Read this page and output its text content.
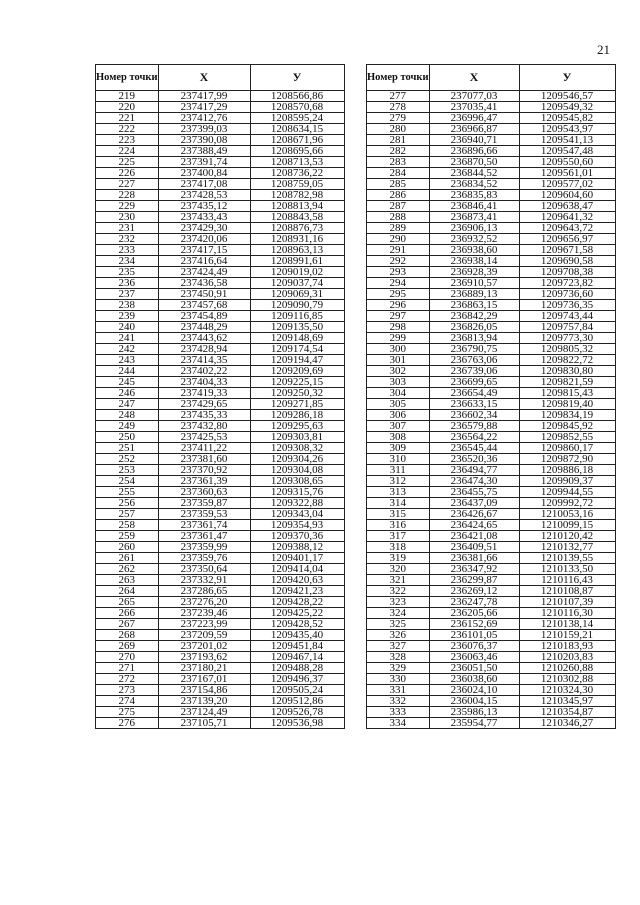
21
Номер точки	Х	У
219	237417,99	1208566,86
220	237417,29	1208570,68
221	237412,76	1208595,24
222	237399,03	1208634,15
223	237390,08	1208671,96
224	237388,49	1208695,66
225	237391,74	1208713,53
226	237400,84	1208736,22
227	237417,08	1208759,05
228	237428,53	1208782,98
229	237435,12	1208813,94
230	237433,43	1208843,58
231	237429,30	1208876,73
232	237420,06	1208931,16
233	237417,15	1208963,13
234	237416,64	1208991,61
235	237424,49	1209019,02
236	237436,58	1209037,74
237	237450,91	1209069,31
238	237457,68	1209090,79
239	237454,89	1209116,85
240	237448,29	1209135,50
241	237443,62	1209148,69
242	237428,94	1209174,54
243	237414,35	1209194,47
244	237402,22	1209209,69
245	237404,33	1209225,15
246	237419,33	1209250,32
247	237429,65	1209271,85
248	237435,33	1209286,18
249	237432,80	1209295,63
250	237425,53	1209303,81
251	237411,22	1209308,32
252	237381,60	1209304,26
253	237370,92	1209304,08
254	237361,39	1209308,65
255	237360,63	1209315,76
256	237359,87	1209322,88
257	237359,53	1209343,04
258	237361,74	1209354,93
259	237361,47	1209370,36
260	237359,99	1209388,12
261	237359,76	1209401,17
262	237350,64	1209414,04
263	237332,91	1209420,63
264	237286,65	1209421,23
265	237276,20	1209428,22
266	237239,46	1209425,22
267	237223,99	1209428,52
268	237209,59	1209435,40
269	237201,02	1209451,84
270	237193,62	1209467,14
271	237180,21	1209488,28
272	237167,01	1209496,37
273	237154,86	1209505,24
274	237139,20	1209512,86
275	237124,49	1209526,78
276	237105,71	1209536,98
Номер точки	Х	У
277	237077,03	1209546,57
278	237035,41	1209549,32
279	236996,47	1209545,82
280	236966,87	1209543,97
281	236940,71	1209541,13
282	236896,66	1209547,48
283	236870,50	1209550,60
284	236844,52	1209561,01
285	236834,52	1209577,02
286	236835,83	1209604,60
287	236846,41	1209638,47
288	236873,41	1209641,32
289	236906,13	1209643,72
290	236932,52	1209656,97
291	236938,60	1209671,58
292	236938,14	1209690,58
293	236928,39	1209708,38
294	236910,57	1209723,82
295	236889,13	1209736,60
296	236863,15	1209736,35
297	236842,29	1209743,44
298	236826,05	1209757,84
299	236813,94	1209773,30
300	236790,75	1209805,32
301	236763,06	1209822,72
302	236739,06	1209830,80
303	236699,65	1209821,59
304	236654,49	1209815,43
305	236633,15	1209819,40
306	236602,34	1209834,19
307	236579,88	1209845,92
308	236564,22	1209852,55
309	236545,44	1209860,17
310	236520,36	1209872,90
311	236494,77	1209886,18
312	236474,30	1209909,37
313	236455,75	1209944,55
314	236437,09	1209992,72
315	236426,67	1210053,16
316	236424,65	1210099,15
317	236421,08	1210120,42
318	236409,51	1210132,77
319	236381,66	1210139,55
320	236347,92	1210133,50
321	236299,87	1210116,43
322	236269,12	1210108,87
323	236247,78	1210107,39
324	236205,66	1210116,30
325	236152,69	1210138,14
326	236101,05	1210159,21
327	236076,37	1210183,93
328	236063,46	1210203,83
329	236051,50	1210260,88
330	236038,60	1210302,88
331	236024,10	1210324,30
332	236004,15	1210345,97
333	235986,13	1210354,87
334	235954,77	1210346,27
